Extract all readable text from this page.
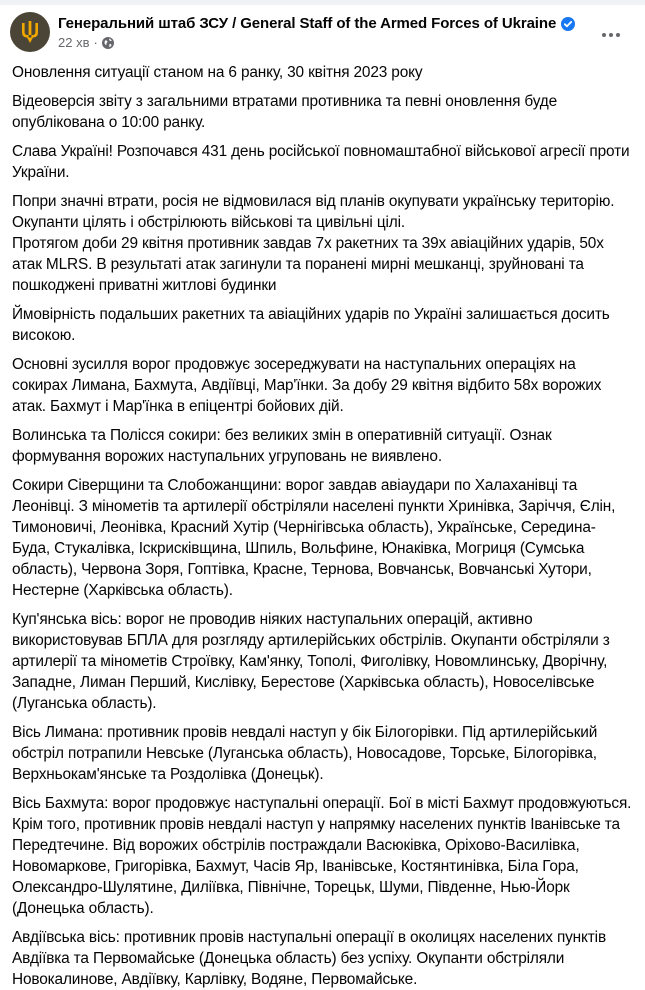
Генеральний штаб ЗСУ / General Staff of the Armed Forces of Ukraine
22 хв ·

Оновлення ситуації станом на 6 ранку, 30 квітня 2023 року

Відеоверсія звіту з загальними втратами противника та певні оновлення буде опублікована о 10:00 ранку.

Слава Україні! Розпочався 431 день російської повномаштабної військової агресії проти України.

Попри значні втрати, росія не відмовилася від планів окупувати українську територію.

Окупанти цілять і обстрілюють військові та цивільні цілі.

Протягом доби 29 квітня противник завдав 7х ракетних та 39х авіаційних ударів, 50х атак MLRS. В результаті атак загинули та поранені мирні мешканці, зруйновані та пошкоджені приватні житлові будинки

Ймовірність подальших ракетних та авіаційних ударів по Україні залишається досить високою.

Основні зусилля ворог продовжує зосереджувати на наступальних операціях на сокирах Лимана, Бахмута, Авдіївці, Мар'їнки. За добу 29 квітня відбито 58х ворожих атак. Бахмут і Мар'їнка в епіцентрі бойових дій.

Волинська та Полісся сокири: без великих змін в оперативній ситуації. Ознак формування ворожих наступальних угруповань не виявлено.

Сокири Сіверщини та Слобожанщини: ворог завдав авіаудари по Халаханівці та Леонівці. З мінометів та артилерії обстріляли населені пункти Хринівка, Заріччя, Єлін, Тимоновичі, Леонівка, Красний Хутір (Чернігівська область), Українське, Середина-Буда, Стукалівка, Іскрисківщина, Шпиль, Вольфине, Юнаківка, Могриця (Сумська область), Червона Зоря, Гоптівка, Красне, Тернова, Вовчанськ, Вовчанські Хутори, Нестерне (Харківська область).

Куп'янська вісь: ворог не проводив ніяких наступальних операцій, активно використовував БПЛА для розгляду артилерійських обстрілів. Окупанти обстріляли з артилерії та мінометів Строївку, Кам'янку, Тополі, Фиголівку, Новомлинську, Дворічну, Западне, Лиман Перший, Кислівку, Берестове (Харківська область), Новоселівське (Луганська область).

Вісь Лимана: противник провів невдалі наступ у бік Білогорівки. Під артилерійський обстріл потрапили Невське (Луганська область), Новосадове, Торське, Білогорівка, Верхньокам'янське та Роздолівка (Донецьк).

Вісь Бахмута: ворог продовжує наступальні операції. Бої в місті Бахмут продовжуються. Крім того, противник провів невдалі наступ у напрямку населених пунктів Іванівське та Передтечине. Від ворожих обстрілів постраждали Васюківка, Оріхово-Василівка, Новомаркове, Григорівка, Бахмут, Часів Яр, Іванівське, Костянтинівка, Біла Гора, Олександро-Шулятине, Диліївка, Північне, Торецьк, Шуми, Південне, Нью-Йорк (Донецька область).

Авдіївська вісь: противник провів наступальні операції в околицях населених пунктів Авдіївка та Первомайське (Донецька область) без успіху. Окупанти обстріляли Новокалинове, Авдіївку, Карлівку, Водяне, Первомайське.
